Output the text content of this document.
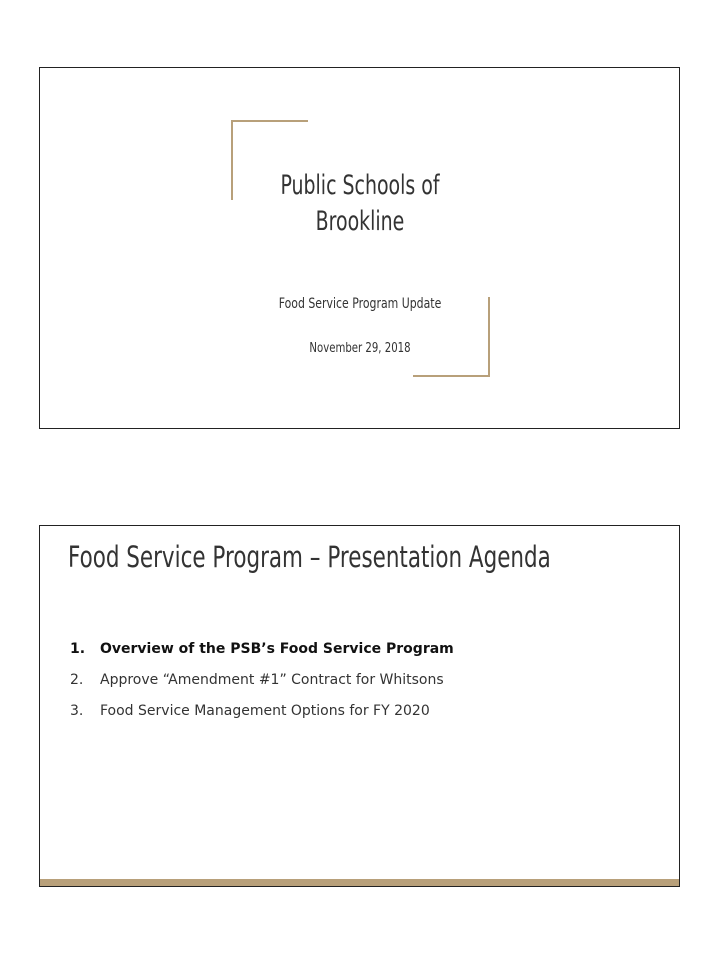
Public Schools of
Brookline
Food Service Program Update
November 29, 2018
Food Service Program – Presentation Agenda
1. Overview of the PSB’s Food Service Program
2. Approve “Amendment #1” Contract for Whitsons
3. Food Service Management Options for FY 2020
